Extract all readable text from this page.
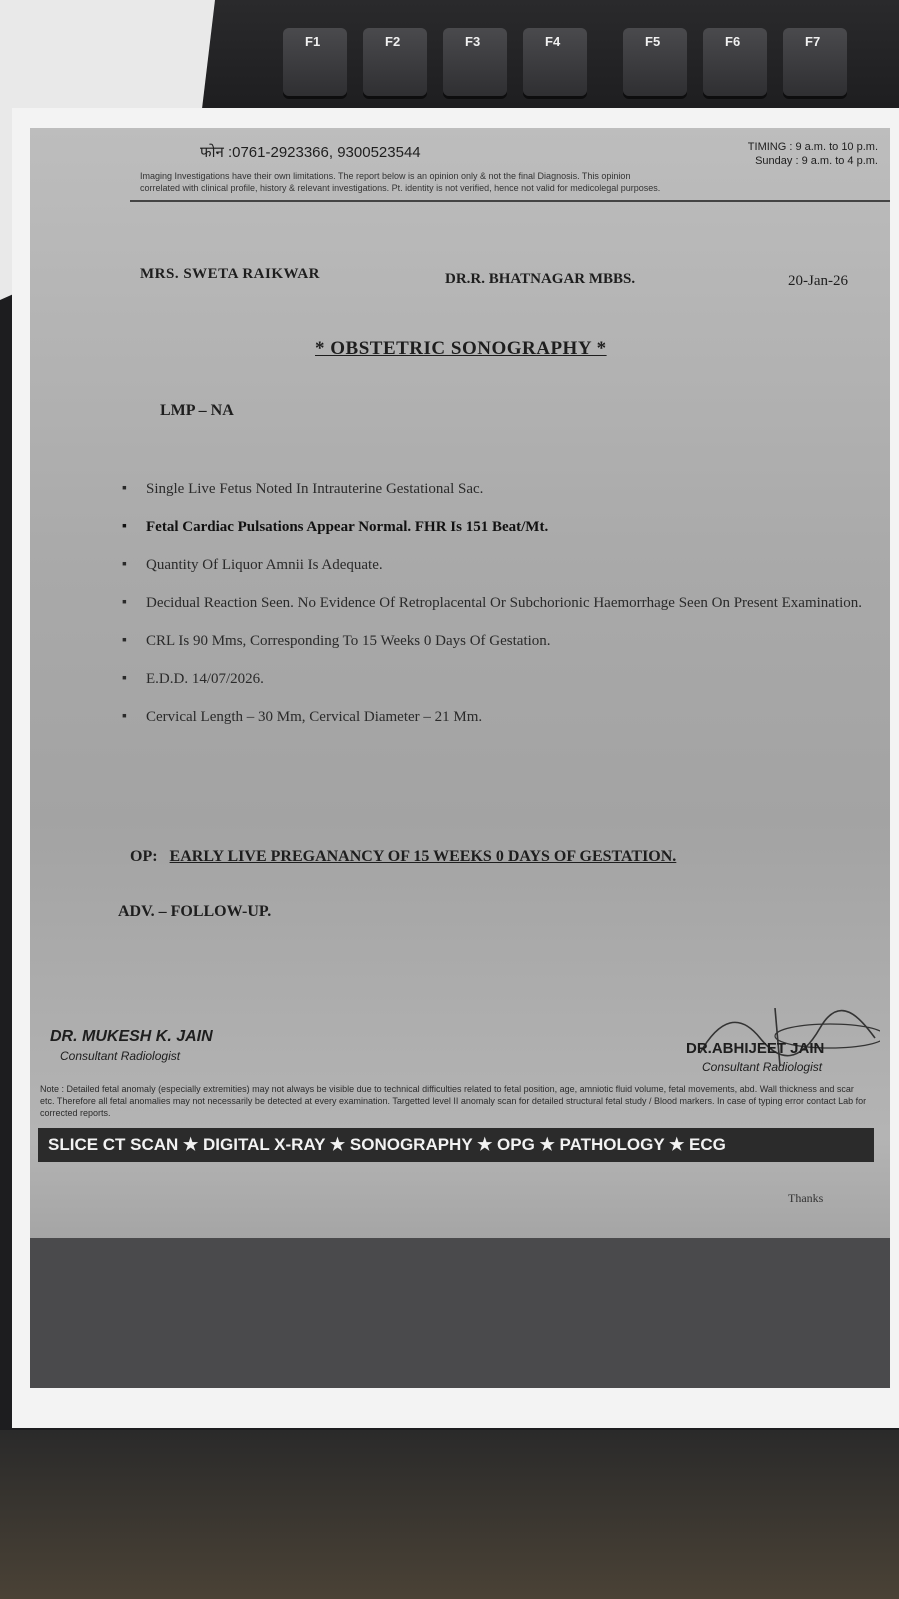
F1	F2	F3	F4	F5	F6	F7
फोन :0761-2923366, 9300523544	TIMING : 9 a.m. to 10 p.m.
Sunday : 9 a.m. to 4 p.m.
Imaging Investigations have their own limitations. The report below is an opinion only & not the final Diagnosis. This opinion
correlated with clinical profile, history & relevant investigations. Pt. identity is not verified, hence not valid for medicolegal purposes.
MRS. SWETA RAIKWAR	DR.R. BHATNAGAR MBBS.	20-Jan-26
* OBSTETRIC SONOGRAPHY *
LMP – NA
▪ Single Live Fetus Noted In Intrauterine Gestational Sac.
▪ Fetal Cardiac Pulsations Appear Normal. FHR Is 151 Beat/Mt.
▪ Quantity Of Liquor Amnii Is Adequate.
▪ Decidual Reaction Seen. No Evidence Of Retroplacental Or Subchorionic Haemorrhage Seen On Present Examination.
▪ CRL Is 90 Mms, Corresponding To 15 Weeks 0 Days Of Gestation.
▪ E.D.D. 14/07/2026.
▪ Cervical Length – 30 Mm, Cervical Diameter – 21 Mm.
OP: EARLY LIVE PREGANANCY OF 15 WEEKS 0 DAYS OF GESTATION.
ADV. – FOLLOW-UP.
DR. MUKESH K. JAIN
Consultant Radiologist	DR.ABHIJEET JAIN
Consultant Radiologist
Note : Detailed fetal anomaly (especially extremities) may not always be visible due to technical difficulties related to fetal position, age, amniotic fluid volume, fetal movements, abd. Wall thickness and scar etc. Therefore all fetal anomalies may not necessarily be detected at every examination. Targetted level II anomaly scan for detailed structural fetal study / Blood markers. In case of typing error contact Lab for corrected reports.
SLICE CT SCAN ★ DIGITAL X-RAY ★ SONOGRAPHY ★ OPG ★ PATHOLOGY ★ ECG
Thanks
